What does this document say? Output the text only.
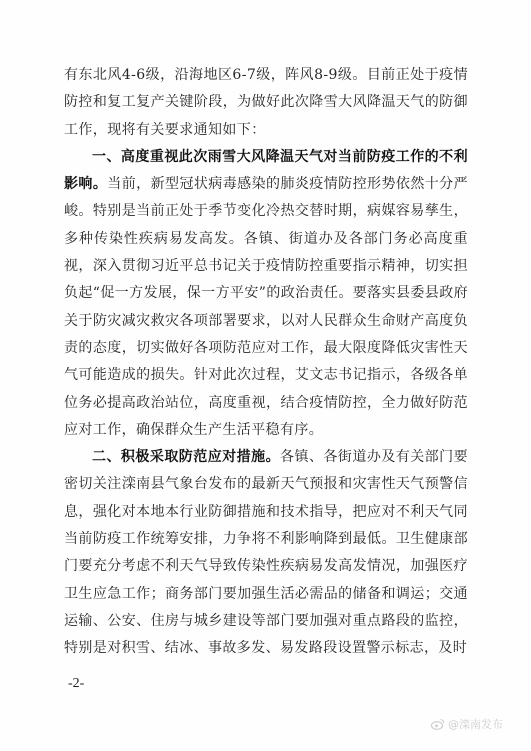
有东北风4-6级，沿海地区6-7级，阵风8-9级。目前正处于疫情防控和复工复产关键阶段，为做好此次降雪大风降温天气的防御工作，现将有关要求通知如下：

一、高度重视此次雨雪大风降温天气对当前防疫工作的不利影响。当前，新型冠状病毒感染的肺炎疫情防控形势依然十分严峻。特别是当前正处于季节变化冷热交替时期，病媒容易孳生，多种传染性疾病易发高发。各镇、街道办及各部门务必高度重视，深入贯彻习近平总书记关于疫情防控重要指示精神，切实担负起“促一方发展，保一方平安”的政治责任。要落实县委县政府关于防灾减灾救灾各项部署要求，以对人民群众生命财产高度负责的态度，切实做好各项防范应对工作，最大限度降低灾害性天气可能造成的损失。针对此次过程，艾文志书记指示，各级各单位务必提高政治站位，高度重视，结合疫情防控，全力做好防范应对工作，确保群众生产生活平稳有序。

二、积极采取防范应对措施。各镇、各街道办及有关部门要密切关注滦南县气象台发布的最新天气预报和灾害性天气预警信息，强化对本地本行业防御措施和技术指导，把应对不利天气同当前防疫工作统筹安排，力争将不利影响降到最低。卫生健康部门要充分考虑不利天气导致传染性疾病易发高发情况，加强医疗卫生应急工作；商务部门要加强生活必需品的储备和调运；交通运输、公安、住房与城乡建设等部门要加强对重点路段的监控，特别是对积雪、结冰、事故多发、易发路段设置警示标志，及时

-2-
@滦南发布
